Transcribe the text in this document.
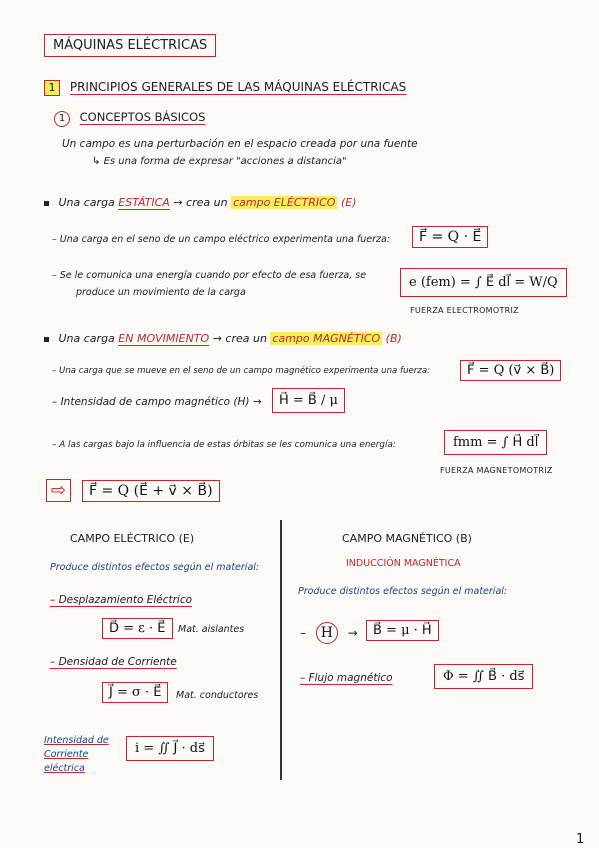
MÁQUINAS ELÉCTRICAS
1 PRINCIPIOS GENERALES DE LAS MÁQUINAS ELÉCTRICAS
1 CONCEPTOS BÁSICOS
Un campo es una perturbación en el espacio creada por una fuente
↳ Es una forma de expresar "acciones a distancia"
Una carga ESTÁTICA → crea un campo ELÉCTRICO (E)
– Una carga en el seno de un campo eléctrico experimenta una fuerza:	F⃗ = Q · E⃗
– Se le comunica una energía cuando por efecto de esa fuerza, se
produce un movimiento de la carga
e (fem) = ∫ E⃗ dl⃗ = W/Q
FUERZA ELECTROMOTRIZ
Una carga EN MOVIMIENTO → crea un campo MAGNÉTICO (B)
– Una carga que se mueve en el seno de un campo magnético experimenta una fuerza:	F⃗ = Q (v⃗ × B⃗)
– Intensidad de campo magnético (H) →	H⃗ = B⃗ / μ
– A las cargas bajo la influencia de estas órbitas se les comunica una energía:	fmm = ∫ H⃗ dl⃗
FUERZA MAGNETOMOTRIZ
⇨	F⃗ = Q (E⃗ + v⃗ × B⃗)
CAMPO ELÉCTRICO (E)
Produce distintos efectos según el material:
– Desplazamiento Eléctrico
D⃗ = ε · E⃗	Mat. aislantes
– Densidad de Corriente
J⃗ = σ · E⃗	Mat. conductores
Intensidad de Corriente eléctrica
i = ∬ J⃗ · ds⃗
CAMPO MAGNÉTICO (B)
INDUCCIÓN MAGNÉTICA
Produce distintos efectos según el material:
– H →	B⃗ = μ · H⃗
– Flujo magnético	Φ = ∬ B⃗ · ds⃗
1
